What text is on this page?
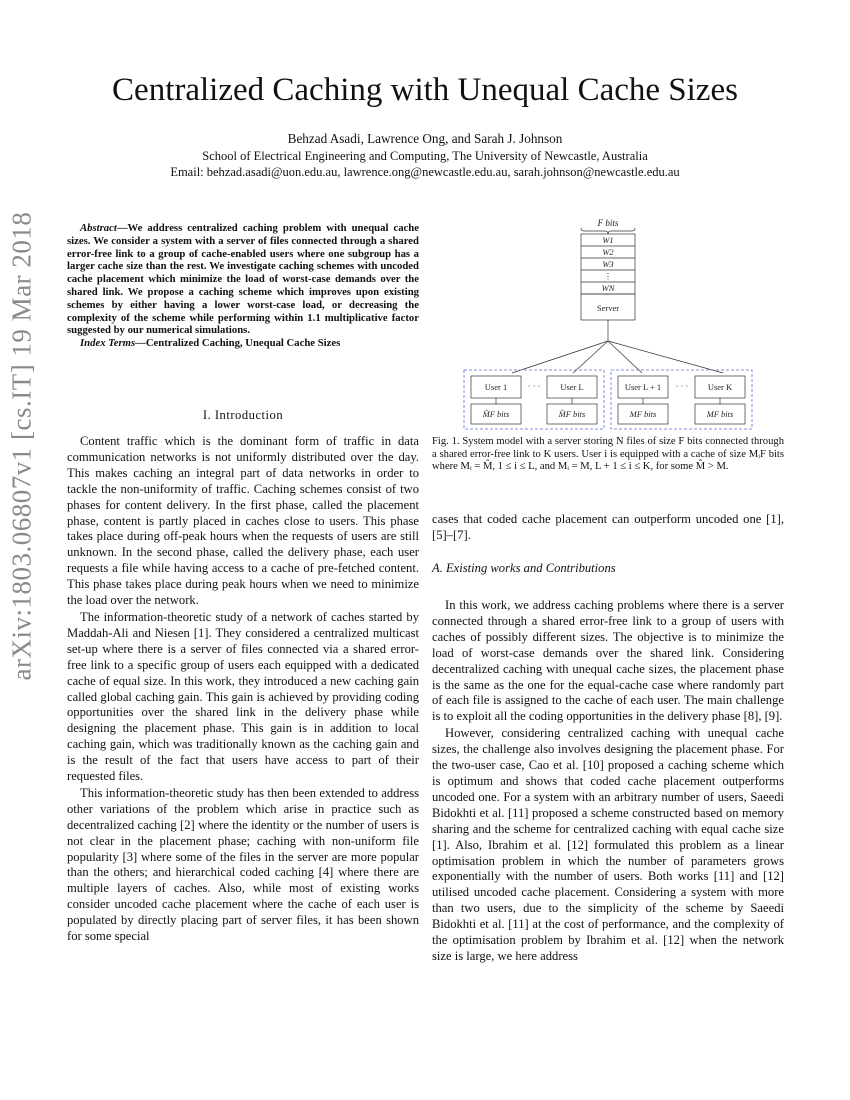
Centralized Caching with Unequal Cache Sizes
Behzad Asadi, Lawrence Ong, and Sarah J. Johnson
School of Electrical Engineering and Computing, The University of Newcastle, Australia
Email: behzad.asadi@uon.edu.au, lawrence.ong@newcastle.edu.au, sarah.johnson@newcastle.edu.au
arXiv:1803.06807v1 [cs.IT] 19 Mar 2018	Abstract—We address centralized caching problem with unequal cache sizes. We consider a system with a server of files connected through a shared error-free link to a group of cache-enabled users where one subgroup has a larger cache size than the rest. We investigate caching schemes with uncoded cache placement which minimize the load of worst-case demands over the shared link. We propose a caching scheme which improves upon existing schemes by either having a lower worst-case load, or decreasing the complexity of the scheme while performing within 1.1 multiplicative factor suggested by our numerical simulations.

Index Terms—Centralized Caching, Unequal Cache Sizes

I. Introduction

Content traffic which is the dominant form of traffic in data communication networks is not uniformly distributed over the day. This makes caching an integral part of data networks in order to tackle the non-uniformity of traffic. Caching schemes consist of two phases for content delivery. In the first phase, called the placement phase, content is partly placed in caches close to users. This phase takes place during off-peak hours when the requests of users are still unknown. In the second phase, called the delivery phase, each user requests a file while having access to a cache of pre-fetched content. This phase takes place during peak hours when we need to minimize the load over the network.

The information-theoretic study of a network of caches started by Maddah-Ali and Niesen [1]. They considered a centralized multicast set-up where there is a server of files connected via a shared error-free link to a specific group of users each equipped with a dedicated cache of equal size. In this work, they introduced a new caching gain called global caching gain. This gain is achieved by providing coding opportunities over the shared link in the delivery phase while designing the placement phase. This gain is in addition to local caching gain, which was traditionally known as the caching gain and is the result of the fact that users have access to part of their requested files.

This information-theoretic study has then been extended to address other variations of the problem which arise in practice such as decentralized caching [2] where the identity or the number of users is not clear in the placement phase; caching with non-uniform file popularity [3] where some of the files in the server are more popular than the others; and hierarchical coded caching [4] where there are multiple layers of caches. Also, while most of existing works consider uncoded cache placement where the cache of each user is populated by directly placing part of server files, it has been shown for some special

F bits
W1
W2
W3
⋮
WN
Server
User 1	User L	User L + 1	User K
M̂F bits	M̂F bits	MF bits	MF bits
· · ·	· · ·
Fig. 1. System model with a server storing N files of size F bits connected through a shared error-free link to K users. User i is equipped with a cache of size MᵢF bits where Mᵢ = M̂, 1 ≤ i ≤ L, and Mᵢ = M, L + 1 ≤ i ≤ K, for some M̂ > M.

cases that coded cache placement can outperform uncoded one [1], [5]–[7].

A. Existing works and Contributions

In this work, we address caching problems where there is a server connected through a shared error-free link to a group of users with caches of possibly different sizes. The objective is to minimize the load of worst-case demands over the shared link. Considering decentralized caching with unequal cache sizes, the placement phase is the same as the one for the equal-cache case where randomly part of each file is assigned to the cache of each user. The main challenge is to exploit all the coding opportunities in the delivery phase [8], [9].

However, considering centralized caching with unequal cache sizes, the challenge also involves designing the placement phase. For the two-user case, Cao et al. [10] proposed a caching scheme which is optimum and shows that coded cache placement outperforms uncoded one. For a system with an arbitrary number of users, Saeedi Bidokhti et al. [11] proposed a scheme constructed based on memory sharing and the scheme for centralized caching with equal cache size [1]. Also, Ibrahim et al. [12] formulated this problem as a linear optimisation problem in which the number of parameters grows exponentially with the number of users. Both works [11] and [12] utilised uncoded cache placement. Considering a system with more than two users, due to the simplicity of the scheme by Saeedi Bidokhti et al. [11] at the cost of performance, and the complexity of the optimisation problem by Ibrahim et al. [12] when the network size is large, we here address
